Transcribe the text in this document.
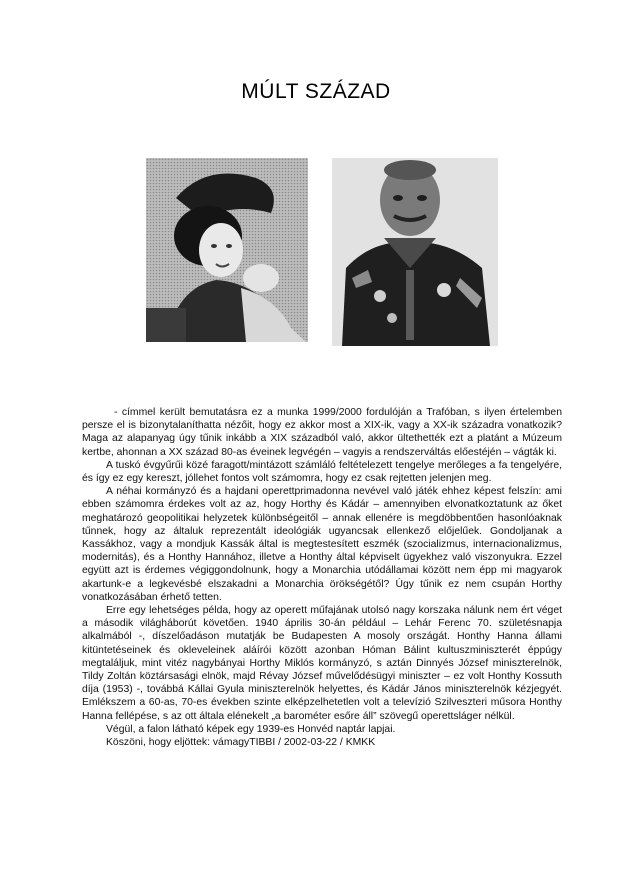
MÚLT SZÁZAD

- címmel került bemutatásra ez a munka 1999/2000 fordulóján a Trafóban, s ilyen értelemben persze el is bizonytalaníthatta nézőit, hogy ez akkor most a XIX-ik, vagy a XX-ik századra vonatkozik? Maga az alapanyag úgy tűnik inkább a XIX századból való, akkor ültethették ezt a platánt a Múzeum kertbe, ahonnan a XX század 80-as éveinek legvégén – vagyis a rendszerváltás előestéjén – vágták ki.

A tuskó évgyűrűi közé faragott/mintázott számláló feltételezett tengelye merőleges a fa tengelyére, és így ez egy kereszt, jóllehet fontos volt számomra, hogy ez csak rejtetten jelenjen meg.

A néhai kormányzó és a hajdani operettprimadonna nevével való játék ehhez képest felszín: ami ebben számomra érdekes volt az az, hogy Horthy és Kádár – amennyiben elvonatkoztatunk az őket meghatározó geopolitikai helyzetek különbségeitől – annak ellenére is megdöbbentően hasonlóaknak tűnnek, hogy az általuk reprezentált ideológiák ugyancsak ellenkező előjelűek. Gondoljanak a Kassákhoz, vagy a mondjuk Kassák által is megtestesített eszmék (szocializmus, internacionalizmus, modernitás), és a Honthy Hannához, illetve a Honthy által képviselt ügyekhez való viszonyukra. Ezzel együtt azt is érdemes végiggondolnunk, hogy a Monarchia utódállamai között nem épp mi magyarok akartunk-e a legkevésbé elszakadni a Monarchia örökségétől? Úgy tűnik ez nem csupán Horthy vonatkozásában érhető tetten.

Erre egy lehetséges példa, hogy az operett műfajának utolsó nagy korszaka nálunk nem ért véget a második világháborút követően. 1940 április 30-án például – Lehár Ferenc 70. születésnapja alkalmából -, díszelőadáson mutatják be Budapesten A mosoly országát. Honthy Hanna állami kitüntetéseinek és okleveleinek aláírói között azonban Hóman Bálint kultuszminiszterét éppúgy megtaláljuk, mint vitéz nagybányai Horthy Miklós kormányzó, s aztán Dinnyés József miniszterelnök, Tildy Zoltán köztársasági elnök, majd Révay József művelődésügyi miniszter – ez volt Honthy Kossuth díja (1953) -, továbbá Kállai Gyula miniszterelnök helyettes, és Kádár János miniszterelnök kézjegyét. Emlékszem a 60-as, 70-es években szinte elképzelhetetlen volt a televízió Szilveszteri műsora Honthy Hanna fellépése, s az ott általa elénekelt „a barométer esőre áll” szövegű operettsláger nélkül.

Végül, a falon látható képek egy 1939-es Honvéd naptár lapjai.

Köszöni, hogy eljöttek: vámagyTIBBI / 2002-03-22 / KMKK
